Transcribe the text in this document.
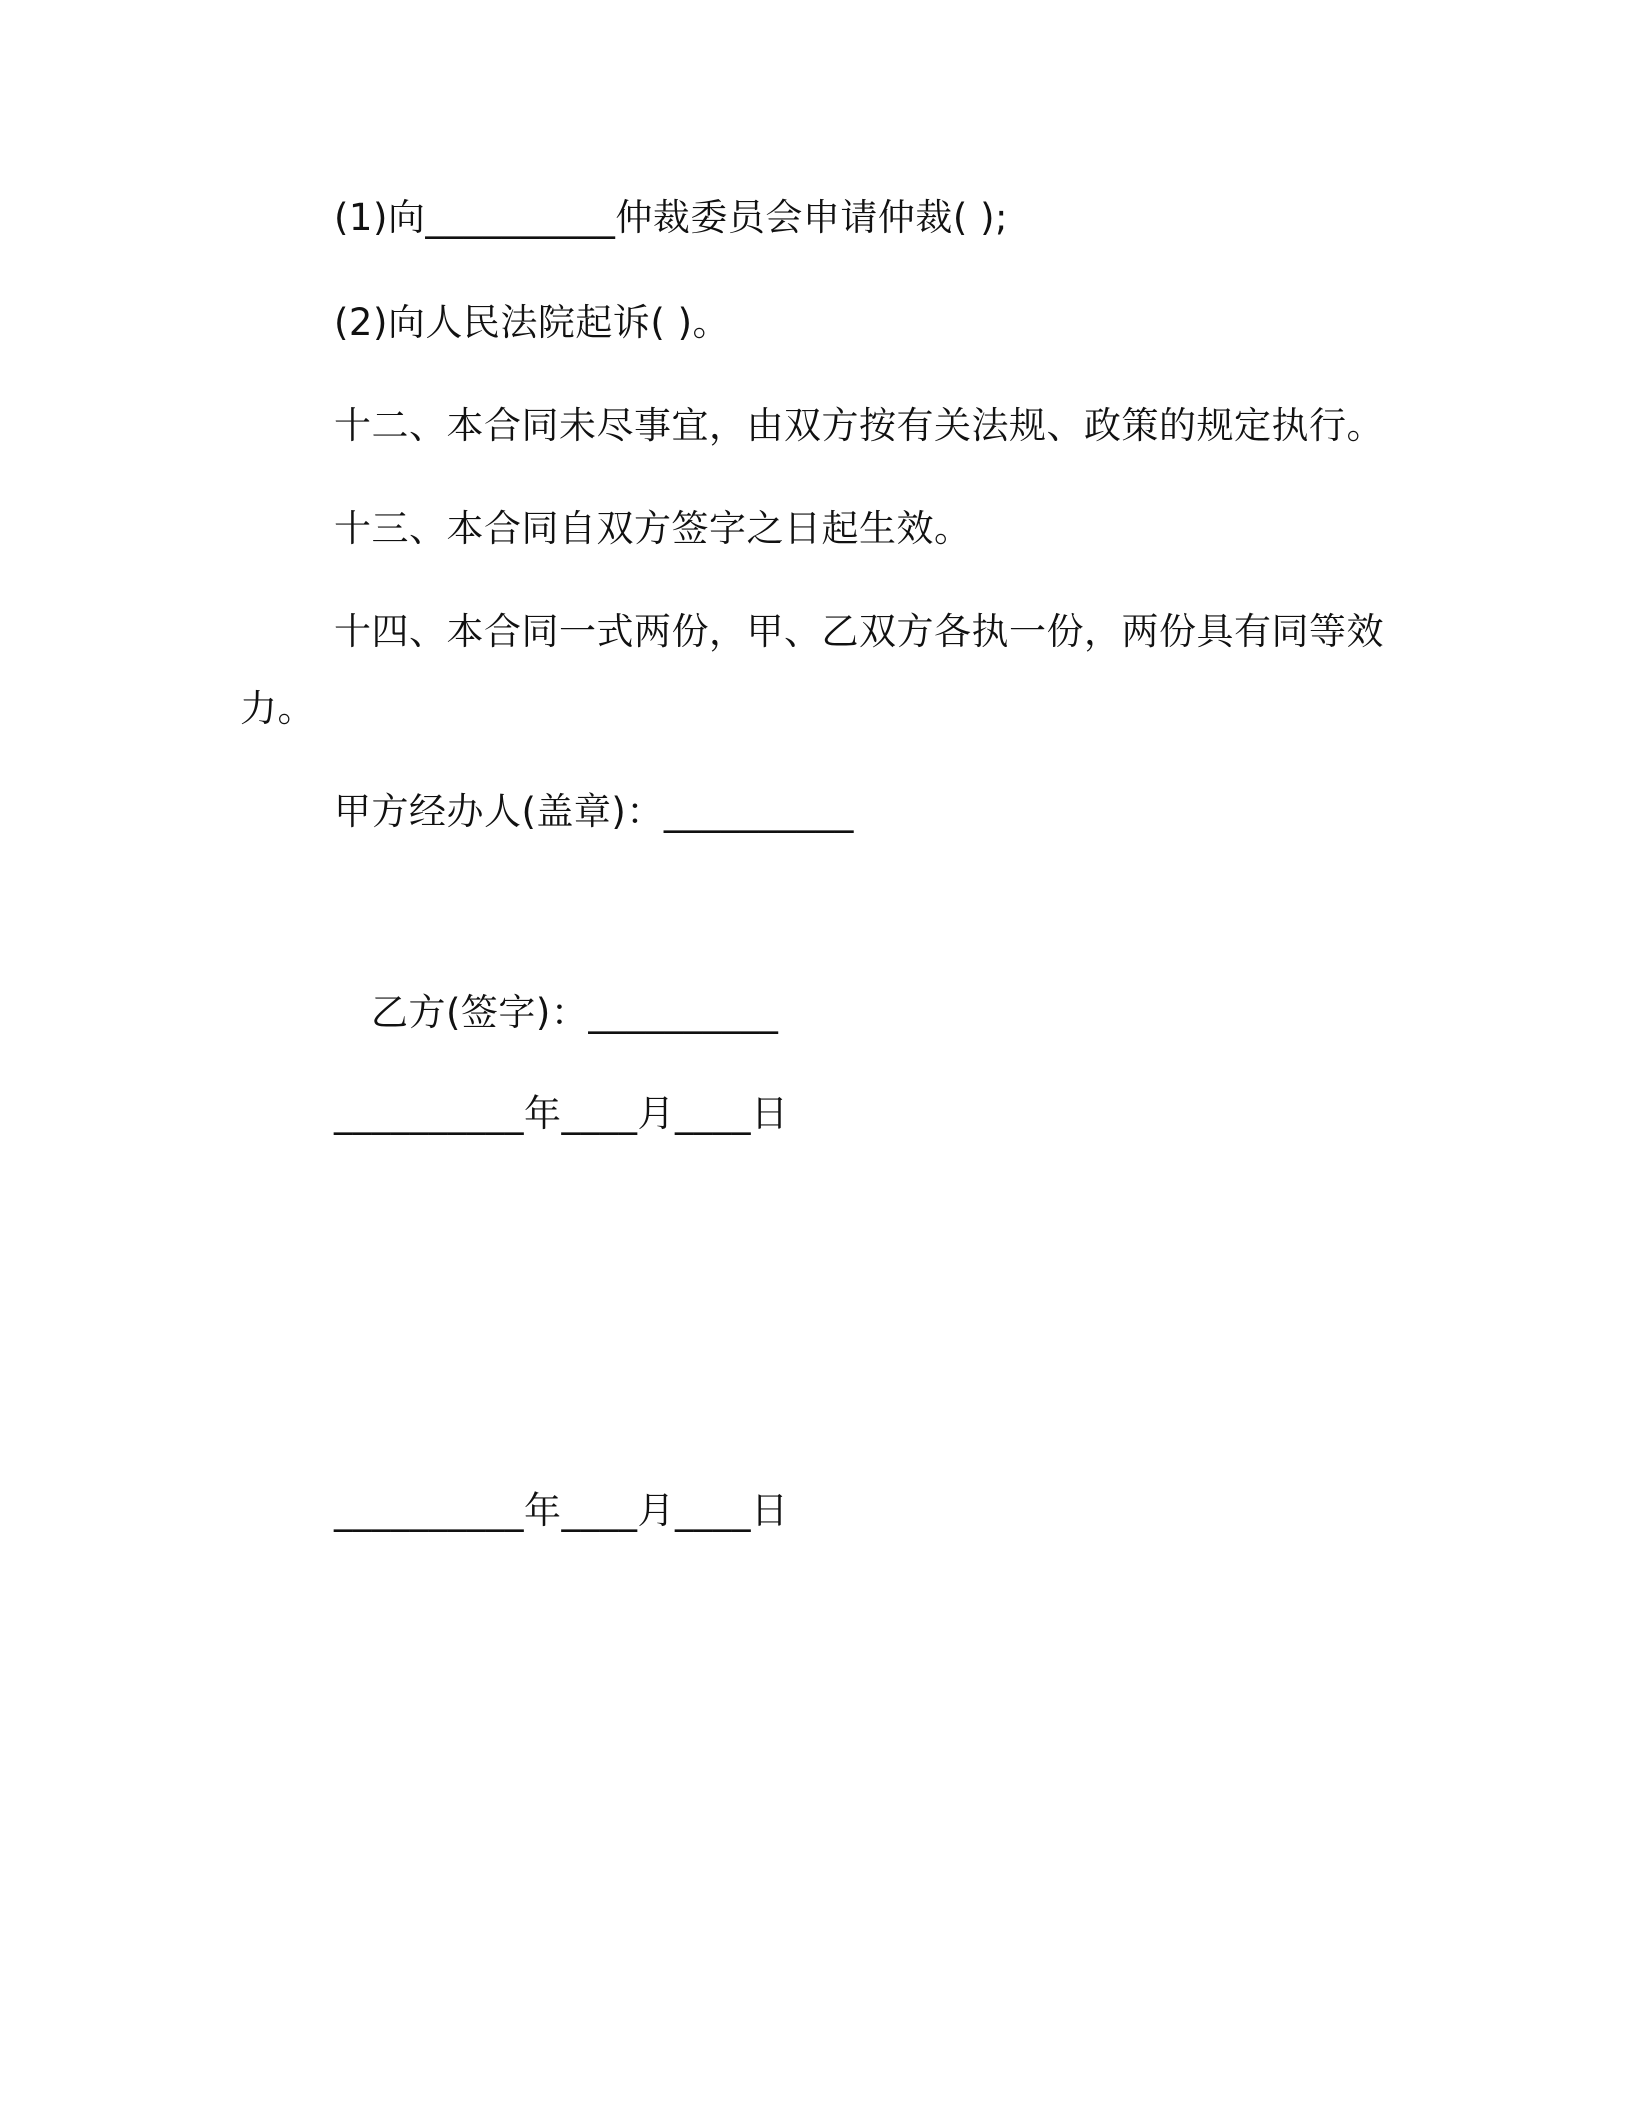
(1)向__________仲裁委员会申请仲裁( );
(2)向人民法院起诉( )。
十二、本合同未尽事宜，由双方按有关法规、政策的规定执行。
十三、本合同自双方签字之日起生效。
十四、本合同一式两份，甲、乙双方各执一份，两份具有同等效
力。
甲方经办人(盖章)：__________
乙方(签字)：__________
__________年____月____日
__________年____月____日
